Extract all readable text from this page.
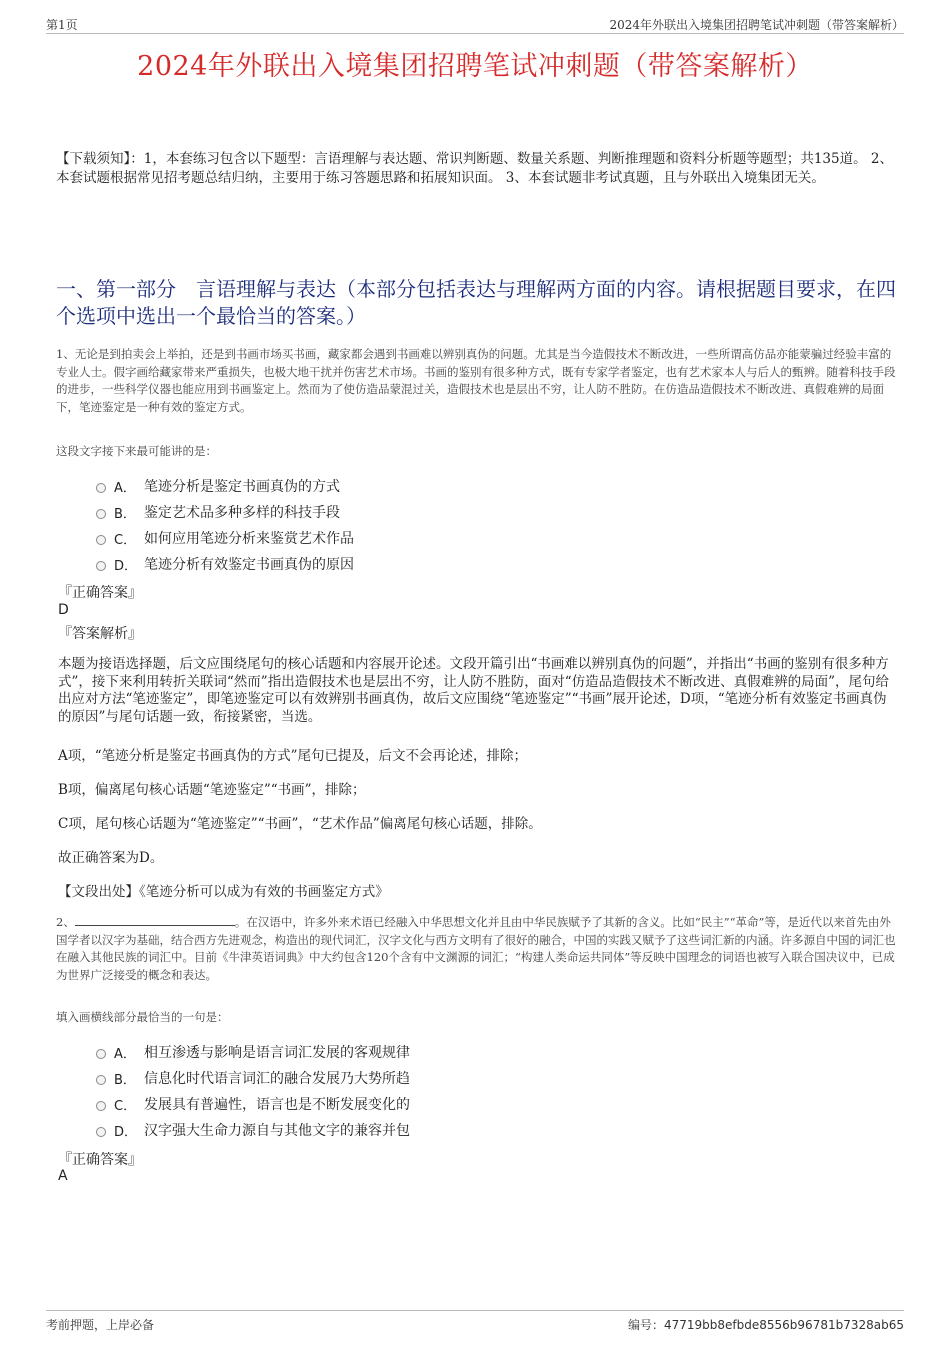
第1页	2024年外联出入境集团招聘笔试冲刺题（带答案解析）
2024年外联出入境集团招聘笔试冲刺题（带答案解析）
【下载须知】：1，本套练习包含以下题型：言语理解与表达题、常识判断题、数量关系题、判断推理题和资料分析题等题型；共135道。 2、本套试题根据常见招考题总结归纳，主要用于练习答题思路和拓展知识面。 3、本套试题非考试真题，且与外联出入境集团无关。
一、第一部分　言语理解与表达（本部分包括表达与理解两方面的内容。请根据题目要求，在四个选项中选出一个最恰当的答案。）
1、无论是到拍卖会上举拍，还是到书画市场买书画，藏家都会遇到书画难以辨别真伪的问题。尤其是当今造假技术不断改进，一些所谓高仿品亦能蒙骗过经验丰富的专业人士。假字画给藏家带来严重损失，也极大地干扰并伤害艺术市场。书画的鉴别有很多种方式，既有专家学者鉴定，也有艺术家本人与后人的甄辨。随着科技手段的进步，一些科学仪器也能应用到书画鉴定上。然而为了使仿造品蒙混过关，造假技术也是层出不穷，让人防不胜防。在仿造品造假技术不断改进、真假难辨的局面下，笔迹鉴定是一种有效的鉴定方式。
这段文字接下来最可能讲的是：
A． 笔迹分析是鉴定书画真伪的方式
B． 鉴定艺术品多种多样的科技手段
C． 如何应用笔迹分析来鉴赏艺术作品
D． 笔迹分析有效鉴定书画真伪的原因
『正确答案』
D
『答案解析』
本题为接语选择题，后文应围绕尾句的核心话题和内容展开论述。文段开篇引出“书画难以辨别真伪的问题”，并指出“书画的鉴别有很多种方式”，接下来利用转折关联词“然而”指出造假技术也是层出不穷，让人防不胜防，面对“仿造品造假技术不断改进、真假难辨的局面”，尾句给出应对方法“笔迹鉴定”，即笔迹鉴定可以有效辨别书画真伪，故后文应围绕“笔迹鉴定”“书画”展开论述，D项，“笔迹分析有效鉴定书画真伪的原因”与尾句话题一致，衔接紧密，当选。
A项，“笔迹分析是鉴定书画真伪的方式”尾句已提及，后文不会再论述，排除；
B项，偏离尾句核心话题“笔迹鉴定”“书画”，排除；
C项，尾句核心话题为“笔迹鉴定”“书画”，“艺术作品”偏离尾句核心话题，排除。
故正确答案为D。
【文段出处】《笔迹分析可以成为有效的书画鉴定方式》
2、	。在汉语中，许多外来术语已经融入中华思想文化并且由中华民族赋予了其新的含义。比如“民主”“革命”等，是近代以来首先由外国学者以汉字为基础，结合西方先进观念，构造出的现代词汇，汉字文化与西方文明有了很好的融合，中国的实践又赋予了这些词汇新的内涵。许多源自中国的词汇也在融入其他民族的词汇中。目前《牛津英语词典》中大约包含120个含有中文渊源的词汇；“构建人类命运共同体”等反映中国理念的词语也被写入联合国决议中，已成为世界广泛接受的概念和表达。
填入画横线部分最恰当的一句是：
A． 相互渗透与影响是语言词汇发展的客观规律
B． 信息化时代语言词汇的融合发展乃大势所趋
C． 发展具有普遍性，语言也是不断发展变化的
D． 汉字强大生命力源自与其他文字的兼容并包
『正确答案』
A
考前押题，上岸必备	编号：47719bb8efbde8556b96781b7328ab65
